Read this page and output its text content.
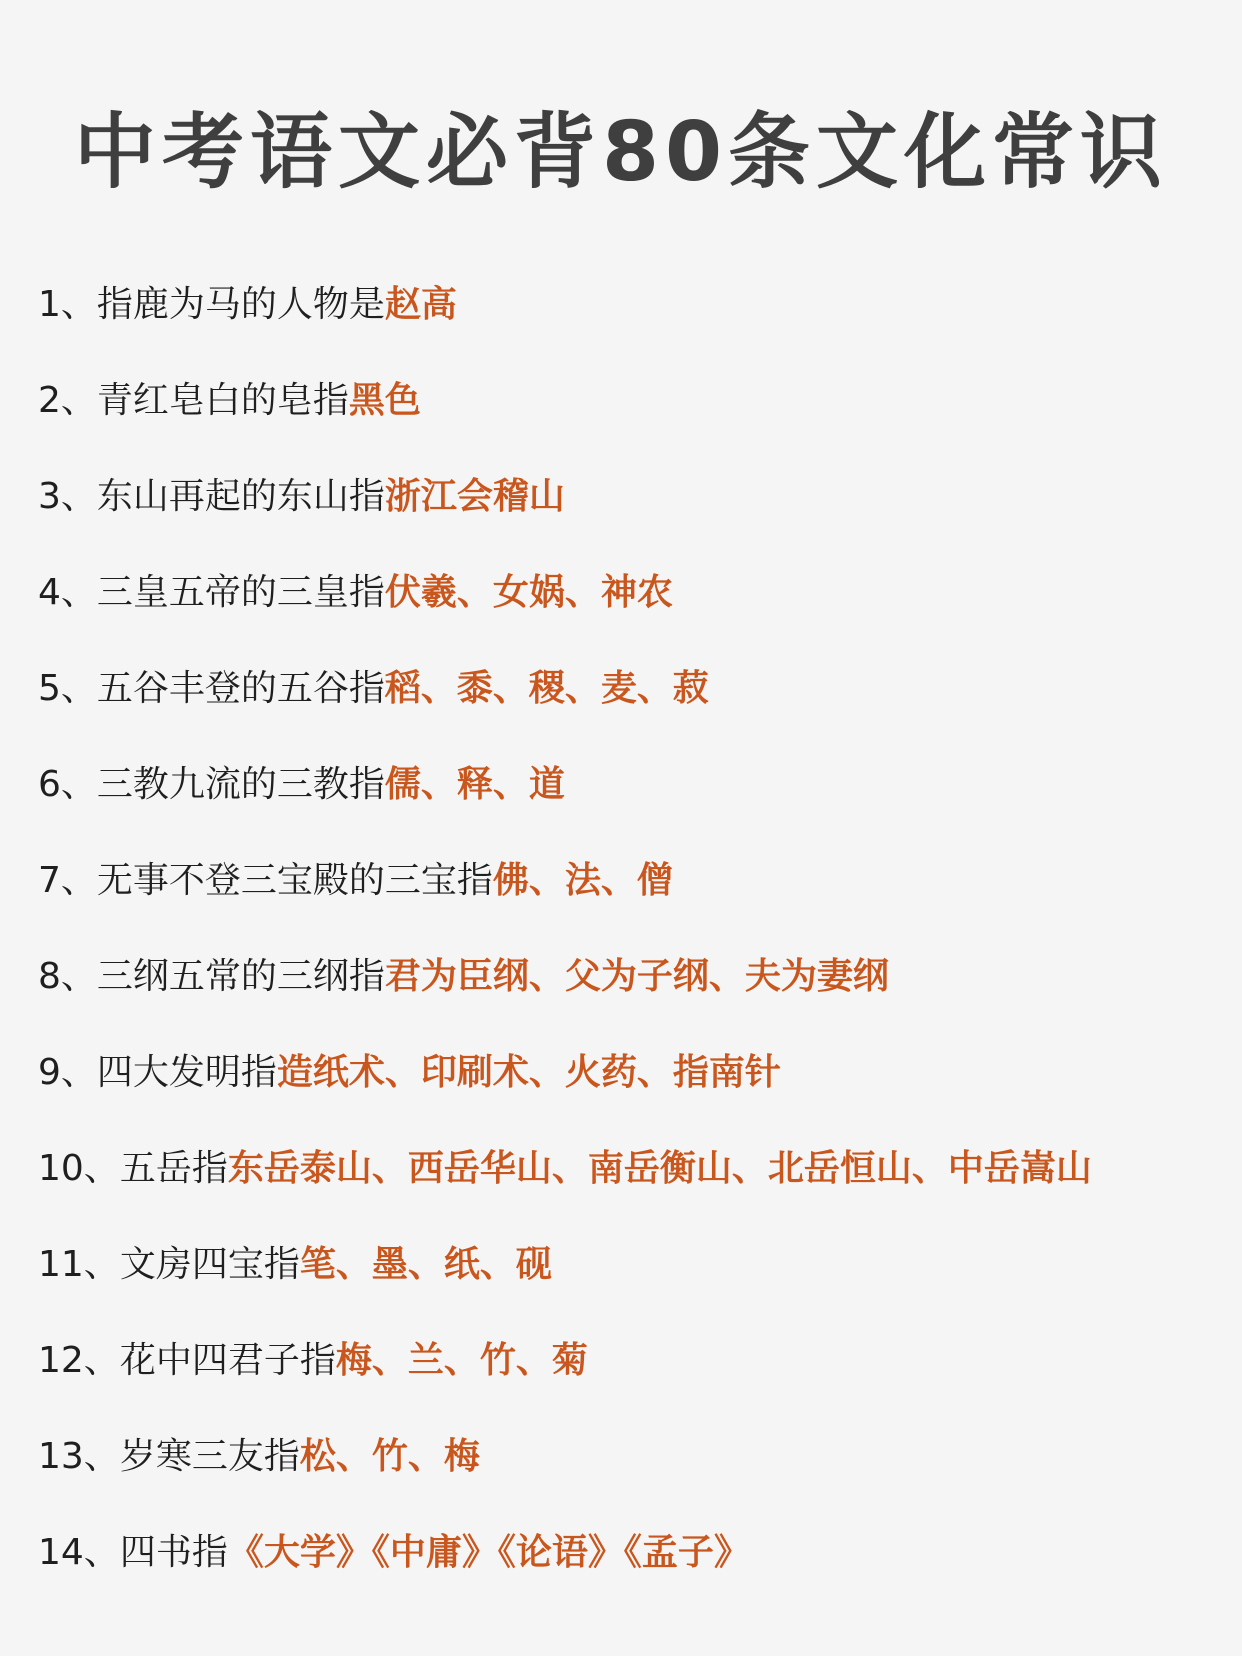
中考语文必背80条文化常识
1、指鹿为马的人物是赵高
2、青红皂白的皂指黑色
3、东山再起的东山指浙江会稽山
4、三皇五帝的三皇指伏羲、女娲、神农
5、五谷丰登的五谷指稻、黍、稷、麦、菽
6、三教九流的三教指儒、释、道
7、无事不登三宝殿的三宝指佛、法、僧
8、三纲五常的三纲指君为臣纲、父为子纲、夫为妻纲
9、四大发明指造纸术、印刷术、火药、指南针
10、五岳指东岳泰山、西岳华山、南岳衡山、北岳恒山、中岳嵩山
11、文房四宝指笔、墨、纸、砚
12、花中四君子指梅、兰、竹、菊
13、岁寒三友指松、竹、梅
14、四书指《大学》《中庸》《论语》《孟子》
